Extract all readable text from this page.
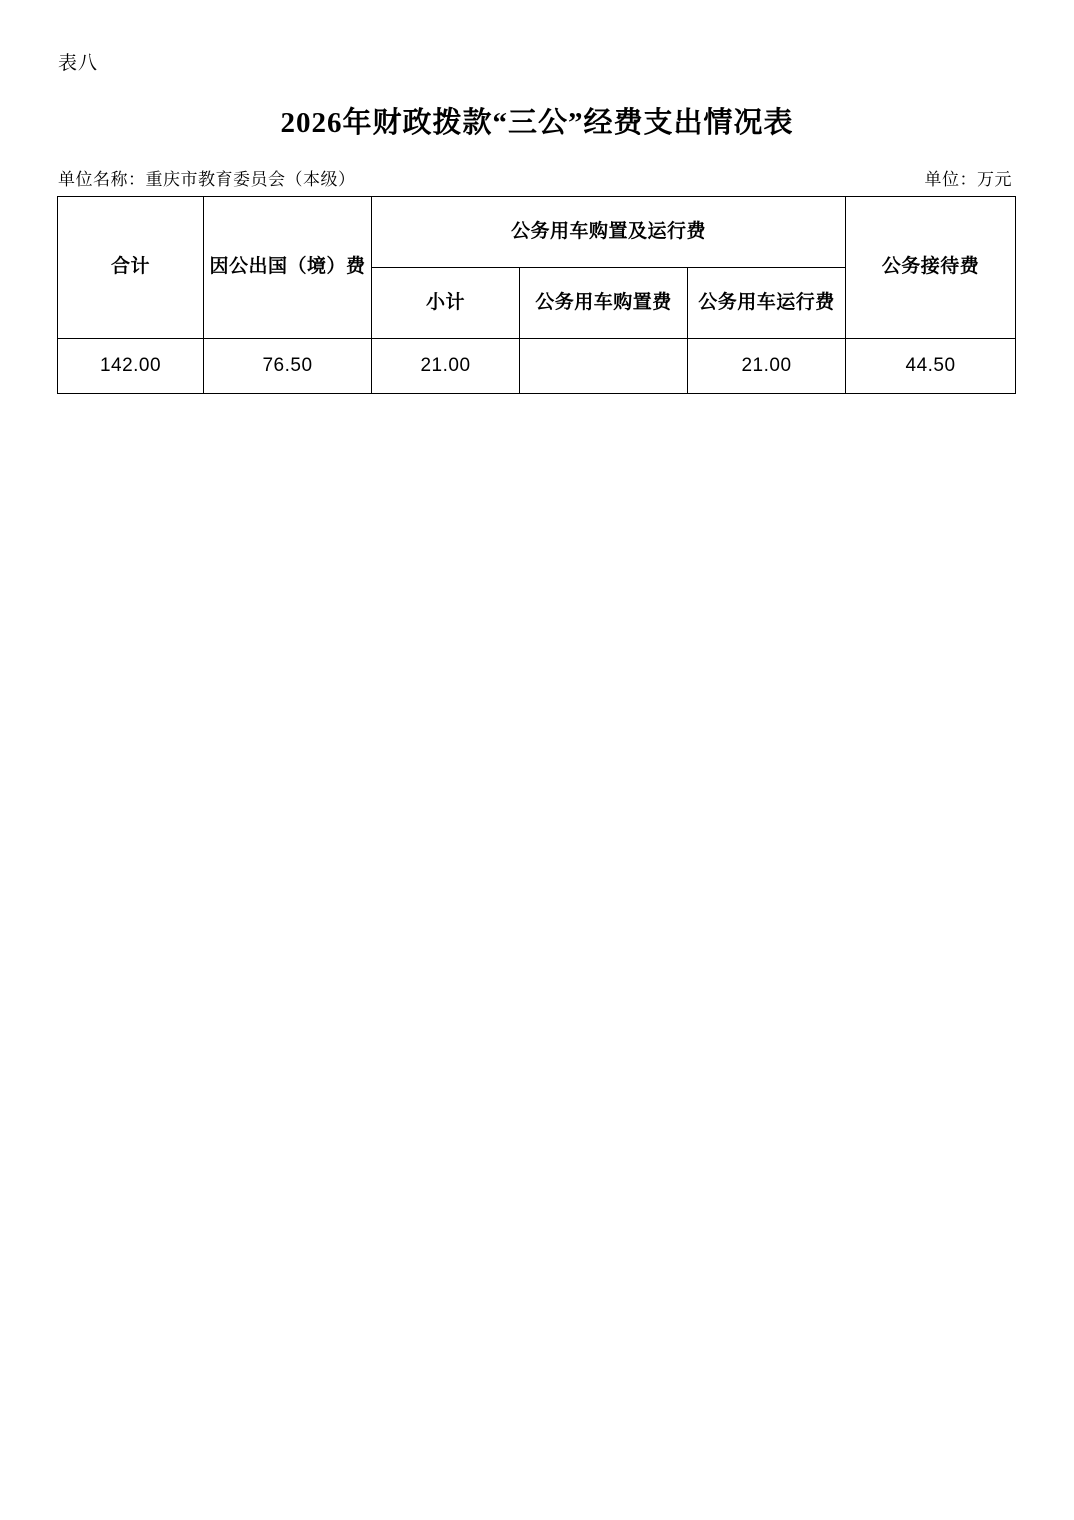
表八
2026年财政拨款“三公”经费支出情况表
单位名称：重庆市教育委员会（本级）	单位：万元
合计	因公出国（境）费	公务用车购置及运行费			公务接待费
		小计	公务用车购置费	公务用车运行费	
142.00	76.50	21.00		21.00	44.50
